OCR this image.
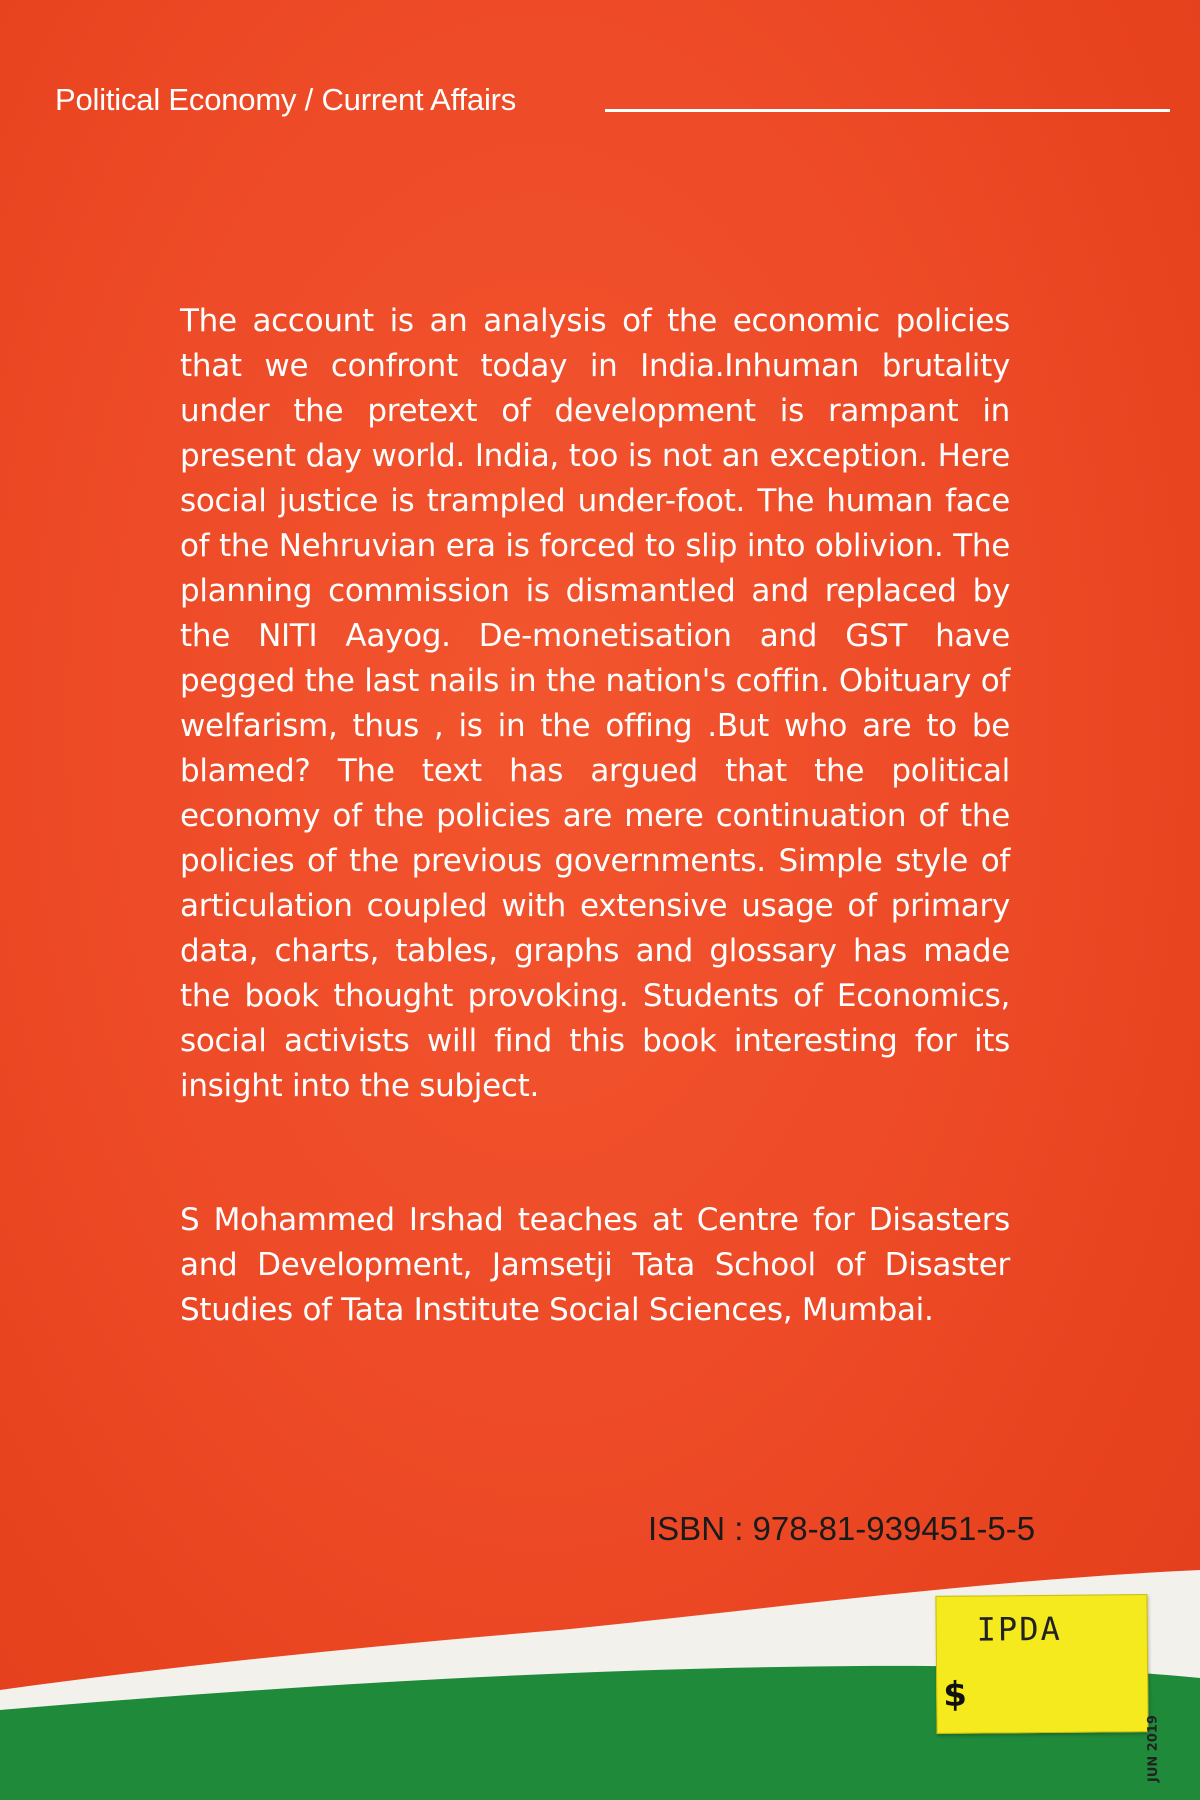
Political Economy / Current Affairs

The account is an analysis of the economic policies that we confront today in India.Inhuman brutality under the pretext of development is rampant in present day world. India, too is not an exception. Here social justice is trampled under-foot. The human face of the Nehruvian era is forced to slip into oblivion. The planning commission is dismantled and replaced by the NITI Aayog. De-monetisation and GST have pegged the last nails in the nation's coffin. Obituary of welfarism, thus , is in the offing .But who are to be blamed? The text has argued that the political economy of the policies are mere continuation of the policies of the previous governments. Simple style of articulation coupled with extensive usage of primary data, charts, tables, graphs and glossary has made the book thought provoking. Students of Economics, social activists will find this book interesting for its insight into the subject.

S Mohammed Irshad teaches at Centre for Disasters and Development, Jamsetji Tata School of Disaster Studies of Tata Institute Social Sciences, Mumbai.

ISBN : 978-81-939451-5-5
IPDA
$
JUN 2019
